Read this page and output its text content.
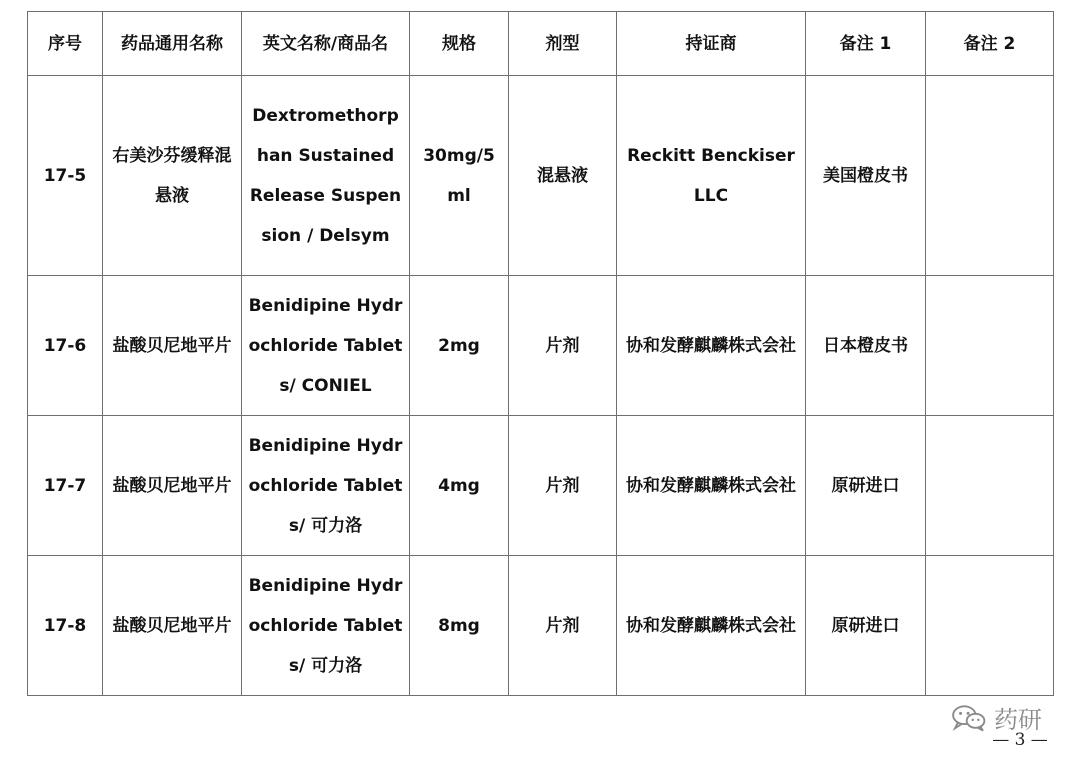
序号	药品通用名称	英文名称/商品名	规格	剂型	持证商	备注 1	备注 2
17-5	右美沙芬缓释混悬液	Dextromethorphan Sustained Release Suspension / Delsym	30mg/5ml	混悬液	Reckitt Benckiser LLC	美国橙皮书	
17-6	盐酸贝尼地平片	Benidipine Hydrochloride Tablets/ CONIEL	2mg	片剂	协和发酵麒麟株式会社	日本橙皮书	
17-7	盐酸贝尼地平片	Benidipine Hydrochloride Tablets/ 可力洛	4mg	片剂	协和发酵麒麟株式会社	原研进口	
17-8	盐酸贝尼地平片	Benidipine Hydrochloride Tablets/ 可力洛	8mg	片剂	协和发酵麒麟株式会社	原研进口	
药研
— 3 —
